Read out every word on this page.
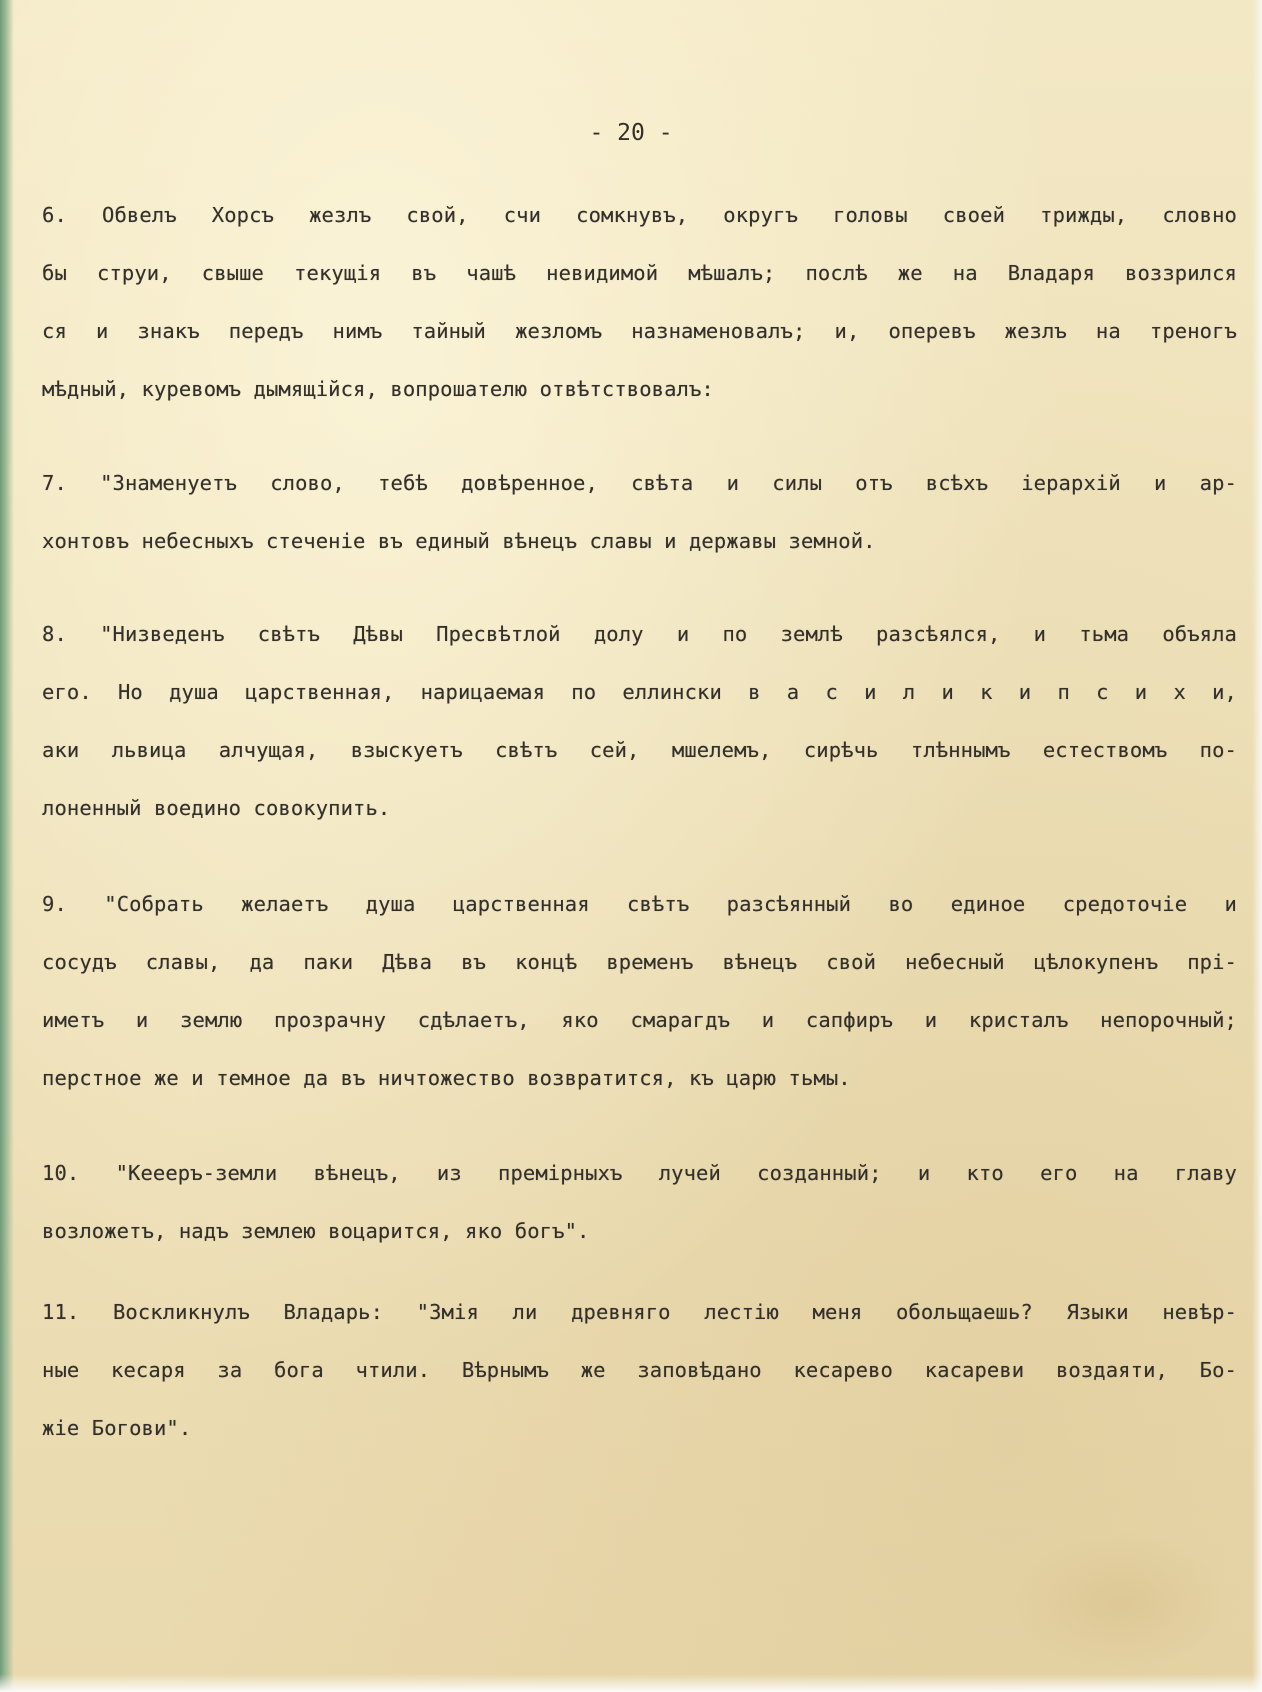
- 20 -
6. Обвелъ Хорсъ жезлъ свой, счи сомкнувъ, округъ головы своей трижды, словно
бы струи, свыше текущія въ чашѣ невидимой мѣшалъ; послѣ же на Владаря воззрился
ся и знакъ передъ нимъ тайный жезломъ назнаменовалъ; и, оперевъ жезлъ на треногъ
мѣдный, куревомъ дымящійся, вопрошателю отвѣтствовалъ:
7. "Знаменуетъ слово, тебѣ довѣренное, свѣта и силы отъ всѣхъ іерархій и ар-
хонтовъ небесныхъ стеченіе въ единый вѣнецъ славы и державы земной.
8. "Низведенъ свѣтъ Дѣвы Пресвѣтлой долу и по землѣ разсѣялся, и тьма объяла
его. Но душа царственная, нарицаемая по еллински в а с и л и к и п с и х и,
аки львица алчущая, взыскуетъ свѣтъ сей, мшелемъ, сирѣчь тлѣннымъ естествомъ по-
лоненный воедино совокупить.
9. "Собрать желаетъ душа царственная свѣтъ разсѣянный во единое средоточіе и
сосудъ славы, да паки Дѣва въ концѣ временъ вѣнецъ свой небесный цѣлокупенъ прі-
иметъ и землю прозрачну сдѣлаетъ, яко смарагдъ и сапфиръ и кристалъ непорочный;
перстное же и темное да въ ничтожество возвратится, къ царю тьмы.
10. "Кеееръ-земли вѣнецъ, из премірныхъ лучей созданный; и кто его на главу
возложетъ, надъ землею воцарится, яко богъ".
11. Воскликнулъ Владарь: "Змія ли древняго лестію меня обольщаешь? Языки невѣр-
ные кесаря за бога чтили. Вѣрнымъ же заповѣдано кесарево касареви воздаяти, Бо-
жіе Богови".
